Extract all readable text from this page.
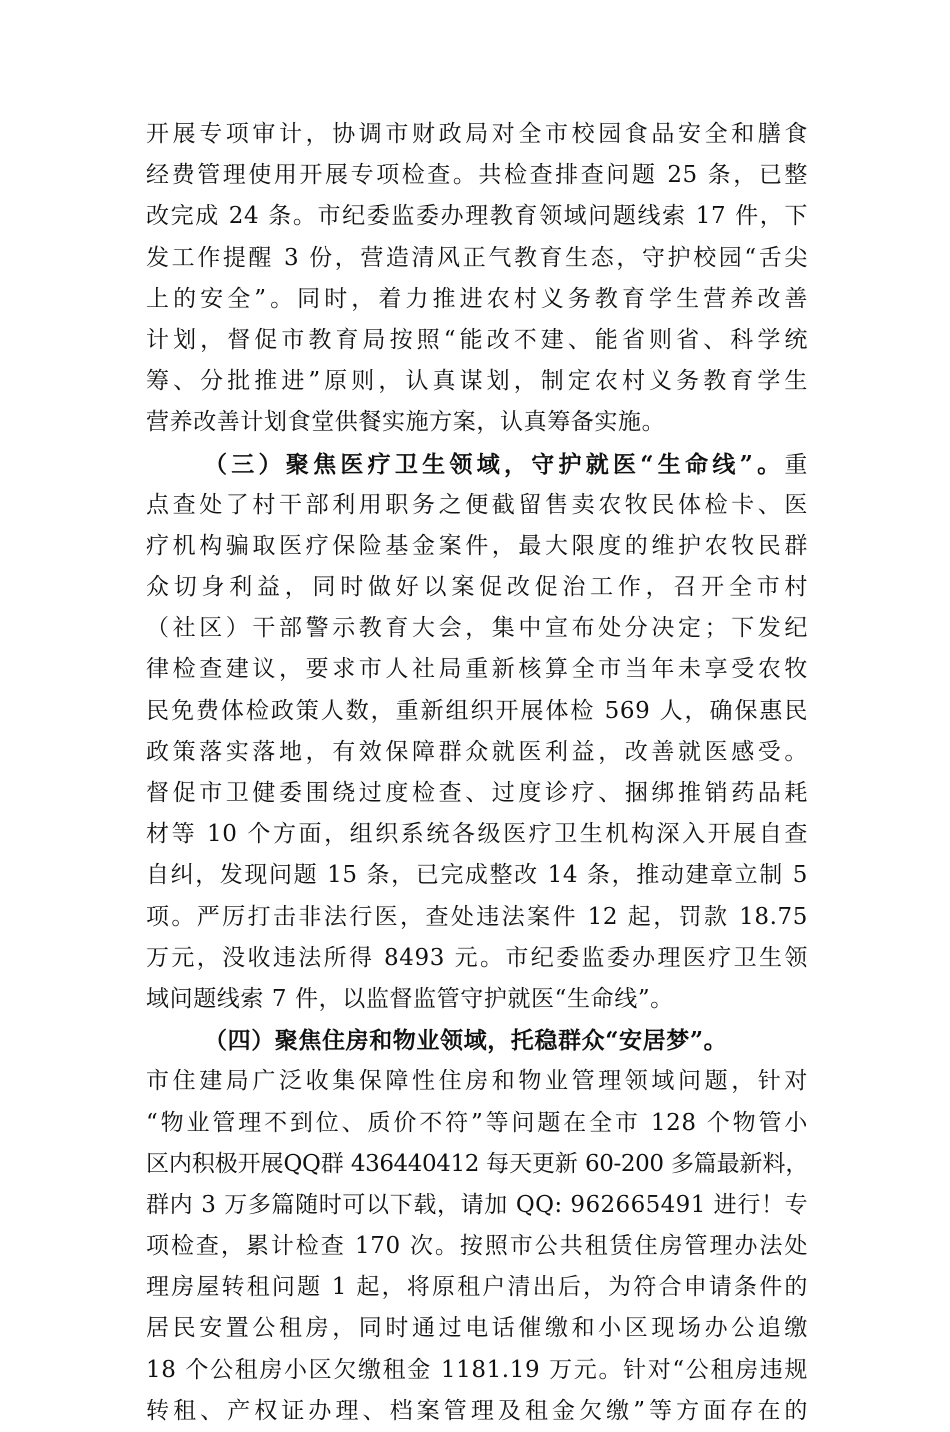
开展专项审计，协调市财政局对全市校园食品安全和膳食
经费管理使用开展专项检查。共检查排查问题 25 条，已整
改完成 24 条。市纪委监委办理教育领域问题线索 17 件，下
发工作提醒 3 份，营造清风正气教育生态，守护校园“舌尖
上的安全”。同时，着力推进农村义务教育学生营养改善
计划，督促市教育局按照“能改不建、能省则省、科学统
筹、分批推进”原则，认真谋划，制定农村义务教育学生
营养改善计划食堂供餐实施方案，认真筹备实施。
（三）聚焦医疗卫生领域，守护就医“生命线”。重
点查处了村干部利用职务之便截留售卖农牧民体检卡、医
疗机构骗取医疗保险基金案件，最大限度的维护农牧民群
众切身利益，同时做好以案促改促治工作，召开全市村
（社区）干部警示教育大会，集中宣布处分决定；下发纪
律检查建议，要求市人社局重新核算全市当年未享受农牧
民免费体检政策人数，重新组织开展体检 569 人，确保惠民
政策落实落地，有效保障群众就医利益，改善就医感受。
督促市卫健委围绕过度检查、过度诊疗、捆绑推销药品耗
材等 10 个方面，组织系统各级医疗卫生机构深入开展自查
自纠，发现问题 15 条，已完成整改 14 条，推动建章立制 5
项。严厉打击非法行医，查处违法案件 12 起，罚款 18.75
万元，没收违法所得 8493 元。市纪委监委办理医疗卫生领
域问题线索 7 件，以监督监管守护就医“生命线”。
（四）聚焦住房和物业领域，托稳群众“安居梦”。
市住建局广泛收集保障性住房和物业管理领域问题，针对
“物业管理不到位、质价不符”等问题在全市 128 个物管小
区内积极开展QQ群 436440412 每天更新 60-200 多篇最新料，
群内 3 万多篇随时可以下载，请加 QQ: 962665491 进行！专
项检查，累计检查 170 次。按照市公共租赁住房管理办法处
理房屋转租问题 1 起，将原租户清出后，为符合申请条件的
居民安置公租房，同时通过电话催缴和小区现场办公追缴
18 个公租房小区欠缴租金 1181.19 万元。针对“公租房违规
转租、产权证办理、档案管理及租金欠缴”等方面存在的
